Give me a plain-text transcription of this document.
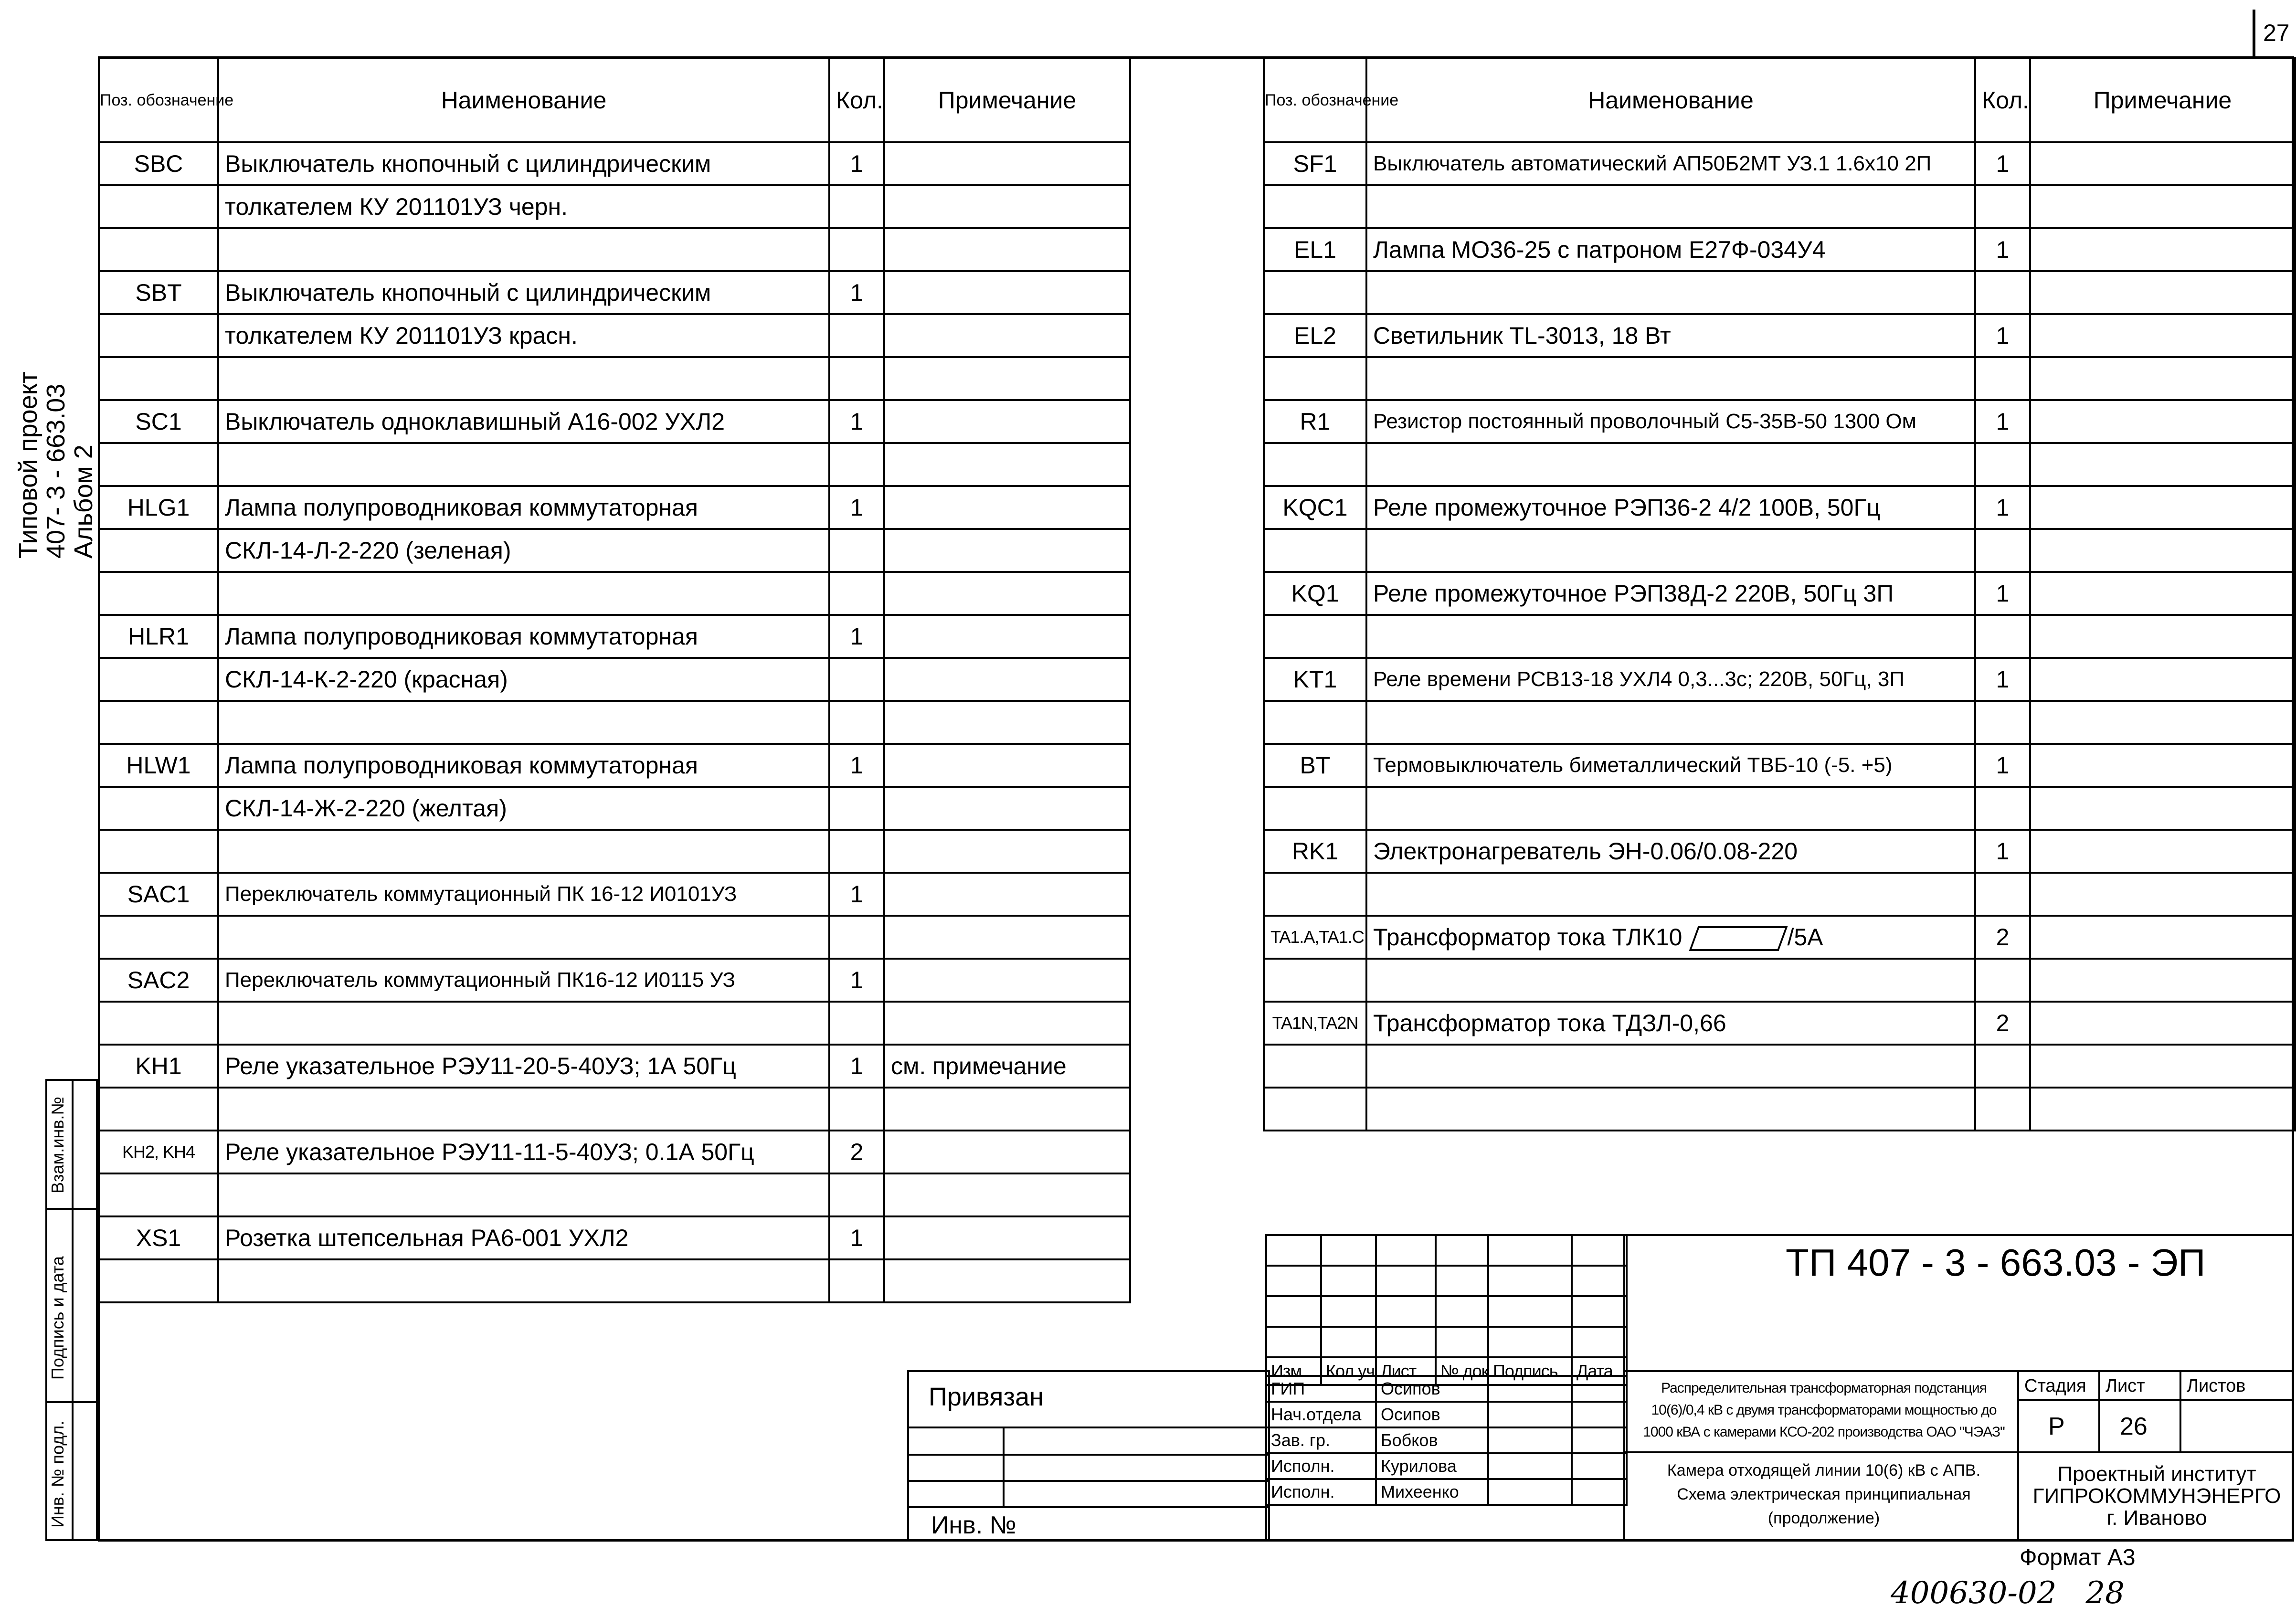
27
Типовой проект
407- 3 - 663.03
Альбом 2
Поз. обозначение	Наименование	Кол.	Примечание
SBC	Выключатель кнопочный с цилиндрическим	1	
	толкателем КУ 201101УЗ черн.		

SBT	Выключатель кнопочный с цилиндрическим	1	
	толкателем КУ 201101УЗ красн.		

SC1	Выключатель одноклавишный А16-002 УХЛ2	1	

HLG1	Лампа полупроводниковая коммутаторная	1	
	СКЛ-14-Л-2-220 (зеленая)		

HLR1	Лампа полупроводниковая коммутаторная	1	
	СКЛ-14-К-2-220 (красная)		

HLW1	Лампа полупроводниковая коммутаторная	1	
	СКЛ-14-Ж-2-220 (желтая)		

SAC1	Переключатель коммутационный ПК 16-12 И0101УЗ	1	

SAC2	Переключатель коммутационный ПК16-12 И0115 УЗ	1	

KH1	Реле указательное РЭУ11-20-5-40УЗ; 1А 50Гц	1	см. примечание

KH2, KH4	Реле указательное РЭУ11-11-5-40УЗ; 0.1А 50Гц	2	

XS1	Розетка штепсельная РА6-001 УХЛ2	1	

Поз. обозначение	Наименование	Кол.	Примечание
SF1	Выключатель автоматический АП50Б2МТ УЗ.1 1.6х10 2П	1	

EL1	Лампа МО36-25 с патроном Е27Ф-034У4	1	

EL2	Светильник TL-3013, 18 Вт	1	

R1	Резистор постоянный проволочный С5-35В-50 1300 Ом	1	

KQC1	Реле промежуточное РЭП36-2 4/2 100В, 50Гц	1	

KQ1	Реле промежуточное РЭП38Д-2 220В, 50Гц 3П	1	

KT1	Реле времени РСВ13-18 УХЛ4 0,3...3с; 220В, 50Гц, 3П	1	

BT	Термовыключатель биметаллический ТВБ-10 (-5. +5)	1	

RK1	Электронагреватель ЭН-0.06/0.08-220	1	

TA1.A,TA1.C	Трансформатор тока ТЛК10 /5А	2	

TA1N,TA2N	Трансформатор тока ТДЗЛ-0,66	2	

Взам.инв.№
Подпись и дата
Инв. № подл.
Привязан
Инв. №

Изм.	Кол.уч.	Лист	№ док.	Подпись	Дата
ГИП	Осипов		
Нач.отдела	Осипов		
Зав. гр.	Бобков		
Исполн.	Курилова		
Исполн.	Михеенко		
ТП 407 - 3 - 663.03 - ЭП
Распределительная трансформаторная подстанция
10(6)/0,4 кВ с двумя трансформаторами мощностью до
1000 кВА с камерами КСО-202 производства ОАО "ЧЭАЗ"
Камера отходящей линии 10(6) кВ с АПВ.
Схема электрическая принципиальная
(продолжение)
Стадия Лист Листов
Р 26
Проектный институт
ГИПРОКОММУНЭНЕРГО
г. Иваново
Формат А3
400630-02   28
